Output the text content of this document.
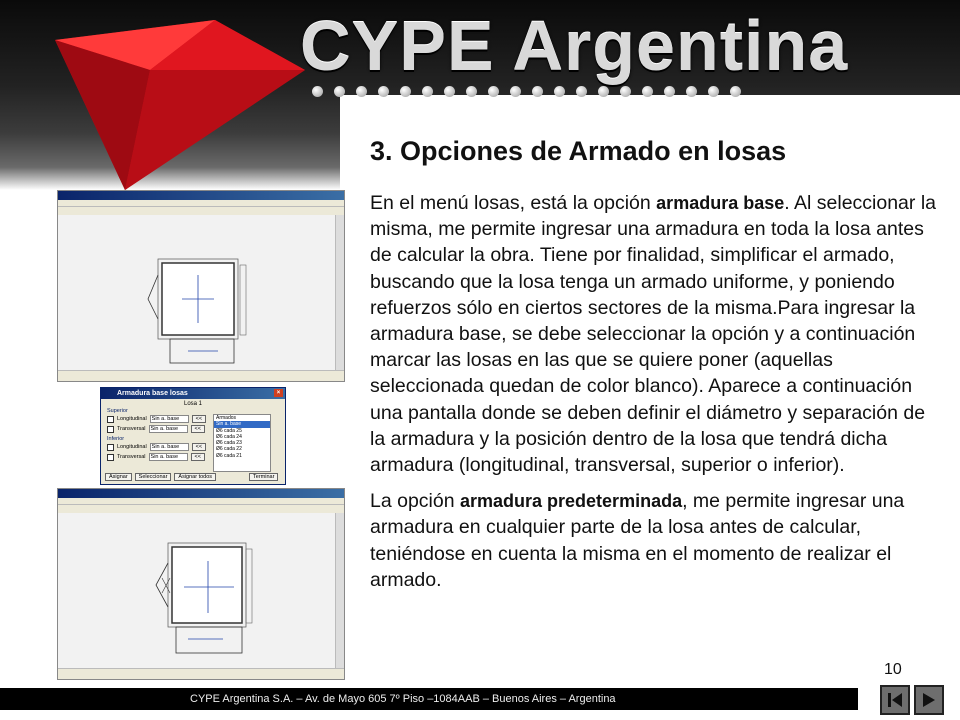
CYPE Argentina
3. Opciones de Armado en losas

En el menú losas, está la opción armadura base. Al seleccionar la misma, me permite ingresar una armadura en toda la losa antes de calcular la obra. Tiene por finalidad, simplificar el armado, buscando que la losa tenga un armado uniforme, y poniendo refuerzos sólo en ciertos sectores de la misma.Para ingresar la armadura base, se debe seleccionar la opción y a continuación marcar las losas en las que se quiere poner (aquellas seleccionada quedan de color blanco). Aparece a continuación una pantalla donde se deben definir el diámetro y separación de la armadura y la posición dentro de la losa que tendrá dicha armadura (longitudinal, transversal, superior o inferior).

La opción armadura predeterminada, me permite ingresar una armadura en cualquier parte de la losa antes de calcular, teniéndose en cuenta la misma en el momento de realizar el armado.

Armadura base losas	×
Losa 1
Superior
Longitudinal Sin a. base	<<
Transversal Sin a. base	<<
Inferior
Longitudinal Sin a. base	<<
Transversal Sin a. base	<<
Armados
Sin a. base
Ø6 cada 25
Ø6 cada 24
Ø6 cada 23
Ø6 cada 22
Ø6 cada 21
Asignar	Seleccionar	Asignar todos	Terminar
10
CYPE Argentina S.A. – Av. de Mayo 605 7º Piso –1084AAB – Buenos Aires – Argentina
